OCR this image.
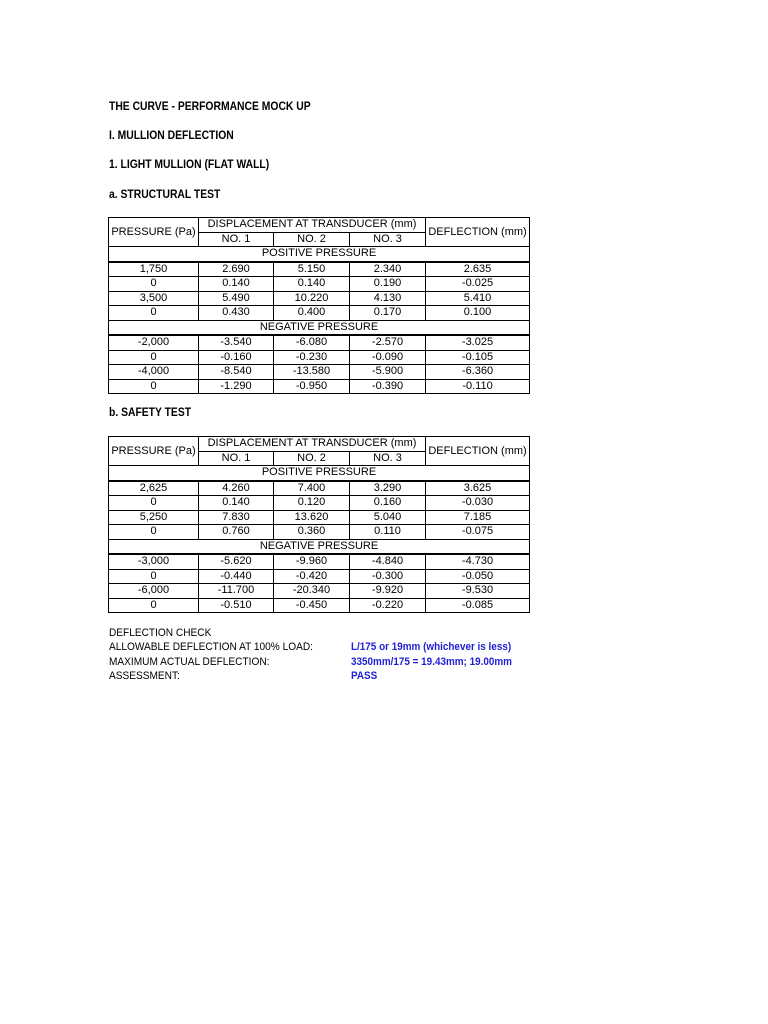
THE CURVE - PERFORMANCE MOCK UP
I. MULLION DEFLECTION
1. LIGHT MULLION (FLAT WALL)
a. STRUCTURAL TEST
PRESSURE (Pa)	DISPLACEMENT AT TRANSDUCER (mm)			DEFLECTION (mm)
	NO. 1	NO. 2	NO. 3	
POSITIVE PRESSURE				
1,750	2.690	5.150	2.340	2.635
0	0.140	0.140	0.190	-0.025
3,500	5.490	10.220	4.130	5.410
0	0.430	0.400	0.170	0.100
NEGATIVE PRESSURE				
-2,000	-3.540	-6.080	-2.570	-3.025
0	-0.160	-0.230	-0.090	-0.105
-4,000	-8.540	-13.580	-5.900	-6.360
0	-1.290	-0.950	-0.390	-0.110
b. SAFETY TEST
PRESSURE (Pa)	DISPLACEMENT AT TRANSDUCER (mm)			DEFLECTION (mm)
	NO. 1	NO. 2	NO. 3	
POSITIVE PRESSURE				
2,625	4.260	7.400	3.290	3.625
0	0.140	0.120	0.160	-0.030
5,250	7.830	13.620	5.040	7.185
0	0.760	0.360	0.110	-0.075
NEGATIVE PRESSURE				
-3,000	-5.620	-9.960	-4.840	-4.730
0	-0.440	-0.420	-0.300	-0.050
-6,000	-11.700	-20.340	-9.920	-9.530
0	-0.510	-0.450	-0.220	-0.085
DEFLECTION CHECK
ALLOWABLE DEFLECTION AT 100% LOAD:	L/175 or 19mm (whichever is less)
MAXIMUM ACTUAL DEFLECTION:	3350mm/175 = 19.43mm; 19.00mm
ASSESSMENT:	PASS
